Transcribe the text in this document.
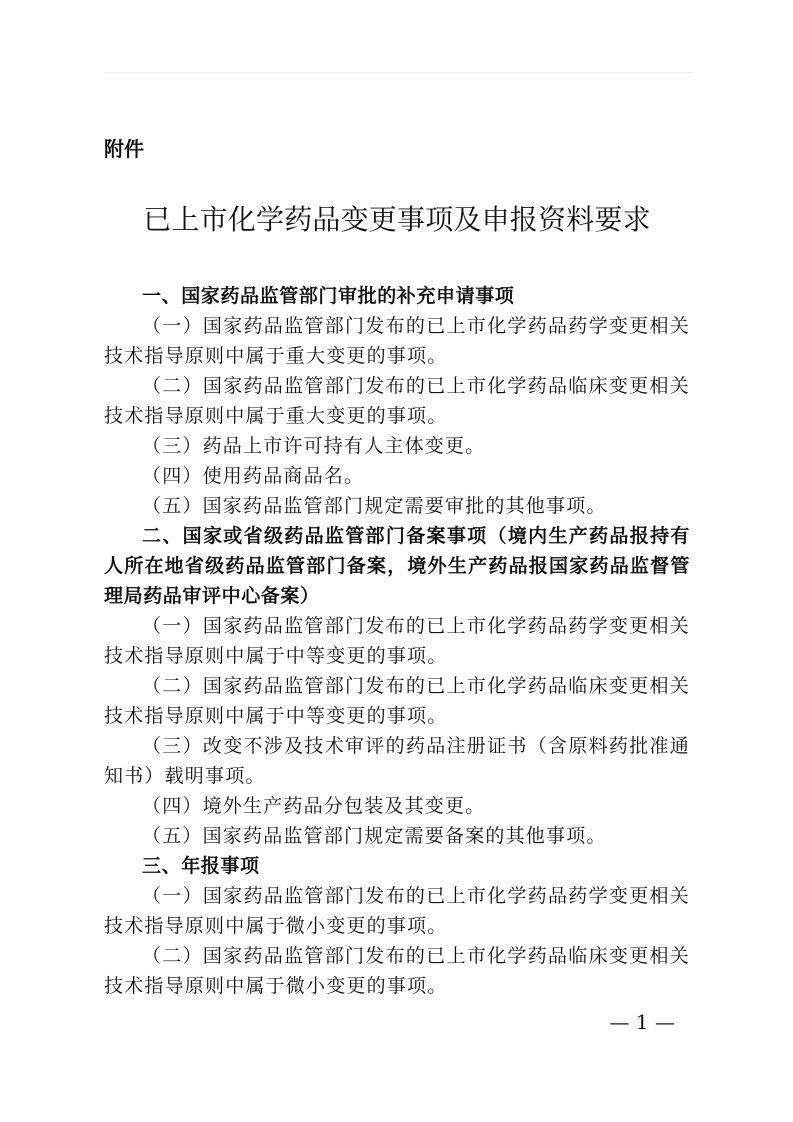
附件
已上市化学药品变更事项及申报资料要求

一、国家药品监管部门审批的补充申请事项

（一）国家药品监管部门发布的已上市化学药品药学变更相关技术指导原则中属于重大变更的事项。

（二）国家药品监管部门发布的已上市化学药品临床变更相关技术指导原则中属于重大变更的事项。

（三）药品上市许可持有人主体变更。

（四）使用药品商品名。

（五）国家药品监管部门规定需要审批的其他事项。

二、国家或省级药品监管部门备案事项（境内生产药品报持有人所在地省级药品监管部门备案，境外生产药品报国家药品监督管理局药品审评中心备案）

（一）国家药品监管部门发布的已上市化学药品药学变更相关技术指导原则中属于中等变更的事项。

（二）国家药品监管部门发布的已上市化学药品临床变更相关技术指导原则中属于中等变更的事项。

（三）改变不涉及技术审评的药品注册证书（含原料药批准通知书）载明事项。

（四）境外生产药品分包装及其变更。

（五）国家药品监管部门规定需要备案的其他事项。

三、年报事项

（一）国家药品监管部门发布的已上市化学药品药学变更相关技术指导原则中属于微小变更的事项。

（二）国家药品监管部门发布的已上市化学药品临床变更相关技术指导原则中属于微小变更的事项。

— 1 —
